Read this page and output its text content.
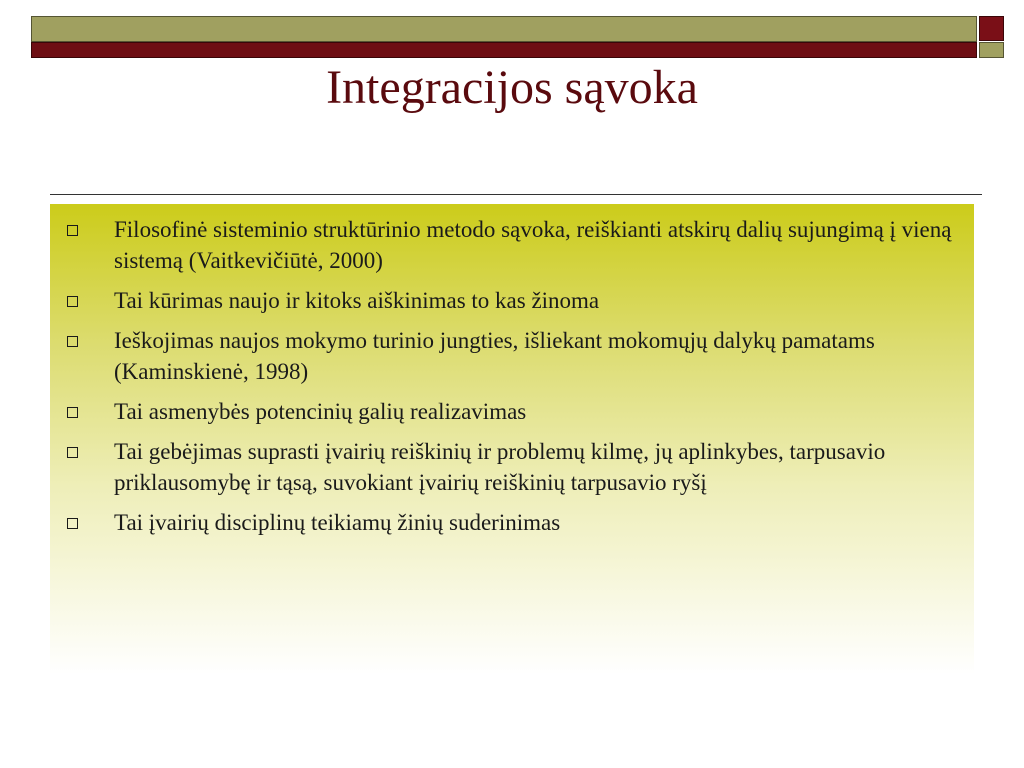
Integracijos sąvoka
Filosofinė sisteminio struktūrinio metodo sąvoka, reiškianti atskirų dalių sujungimą į vieną sistemą (Vaitkevičiūtė, 2000)
Tai kūrimas naujo ir kitoks aiškinimas to kas žinoma
Ieškojimas naujos mokymo turinio jungties, išliekant mokomųjų dalykų pamatams (Kaminskienė, 1998)
Tai asmenybės potencinių galių realizavimas
Tai gebėjimas suprasti įvairių reiškinių ir problemų kilmę, jų aplinkybes, tarpusavio priklausomybę ir tąsą, suvokiant įvairių reiškinių tarpusavio ryšį
Tai įvairių disciplinų teikiamų žinių suderinimas
